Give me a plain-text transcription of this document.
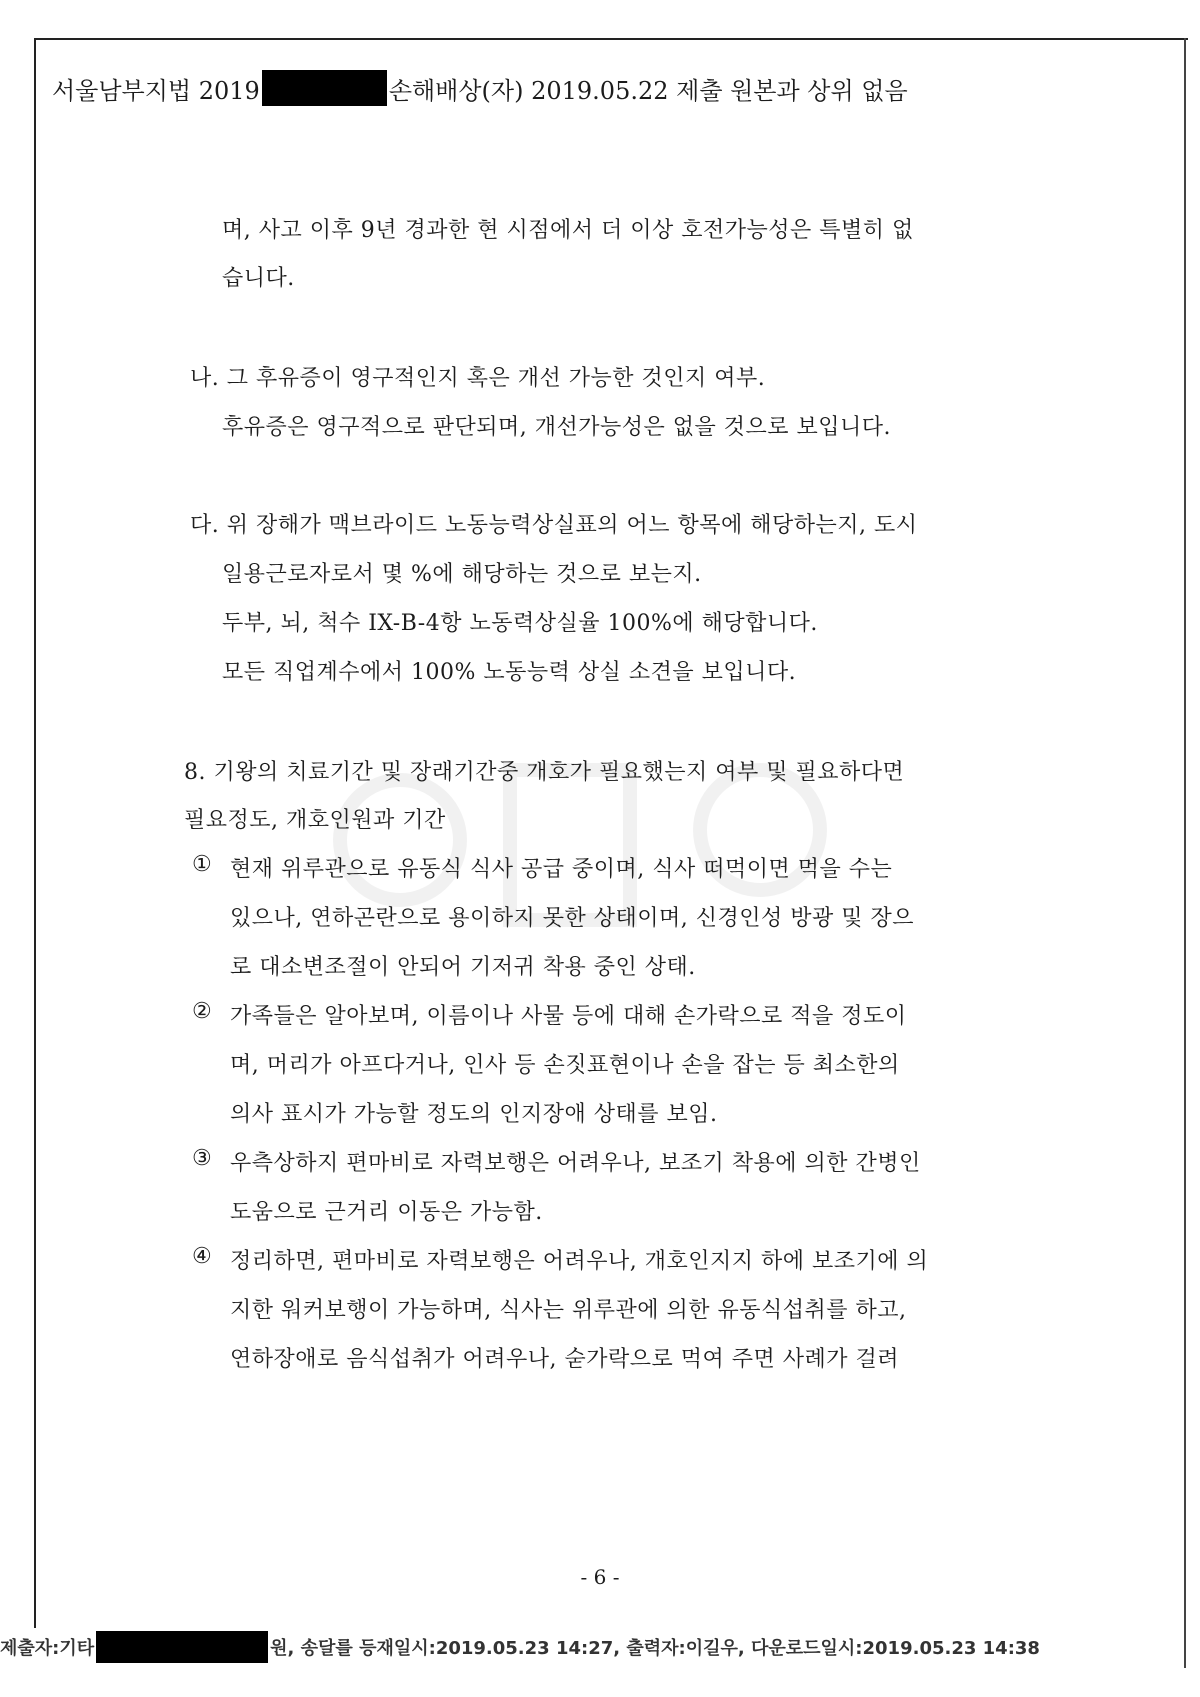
서울남부지법 2019	손해배상(자) 2019.05.22 제출 원본과 상위 없음
며, 사고 이후 9년 경과한 현 시점에서 더 이상 호전가능성은 특별히 없
습니다.
나. 그 후유증이 영구적인지 혹은 개선 가능한 것인지 여부.
후유증은 영구적으로 판단되며, 개선가능성은 없을 것으로 보입니다.
다. 위 장해가 맥브라이드 노동능력상실표의 어느 항목에 해당하는지, 도시
일용근로자로서 몇 %에 해당하는 것으로 보는지.
두부, 뇌, 척수 IX-B-4항 노동력상실율 100%에 해당합니다.
모든 직업계수에서 100% 노동능력 상실 소견을 보입니다.
8. 기왕의 치료기간 및 장래기간중 개호가 필요했는지 여부 및 필요하다면
필요정도, 개호인원과 기간
① 현재 위루관으로 유동식 식사 공급 중이며, 식사 떠먹이면 먹을 수는
있으나, 연하곤란으로 용이하지 못한 상태이며, 신경인성 방광 및 장으
로 대소변조절이 안되어 기저귀 착용 중인 상태.
② 가족들은 알아보며, 이름이나 사물 등에 대해 손가락으로 적을 정도이
며, 머리가 아프다거나, 인사 등 손짓표현이나 손을 잡는 등 최소한의
의사 표시가 가능할 정도의 인지장애 상태를 보임.
③ 우측상하지 편마비로 자력보행은 어려우나, 보조기 착용에 의한 간병인
도움으로 근거리 이동은 가능함.
④ 정리하면, 편마비로 자력보행은 어려우나, 개호인지지 하에 보조기에 의
지한 워커보행이 가능하며, 식사는 위루관에 의한 유동식섭취를 하고,
연하장애로 음식섭취가 어려우나, 숟가락으로 먹여 주면 사례가 걸려
- 6 -
제출자:기타	원, 송달를 등재일시:2019.05.23 14:27, 출력자:이길우, 다운로드일시:2019.05.23 14:38
